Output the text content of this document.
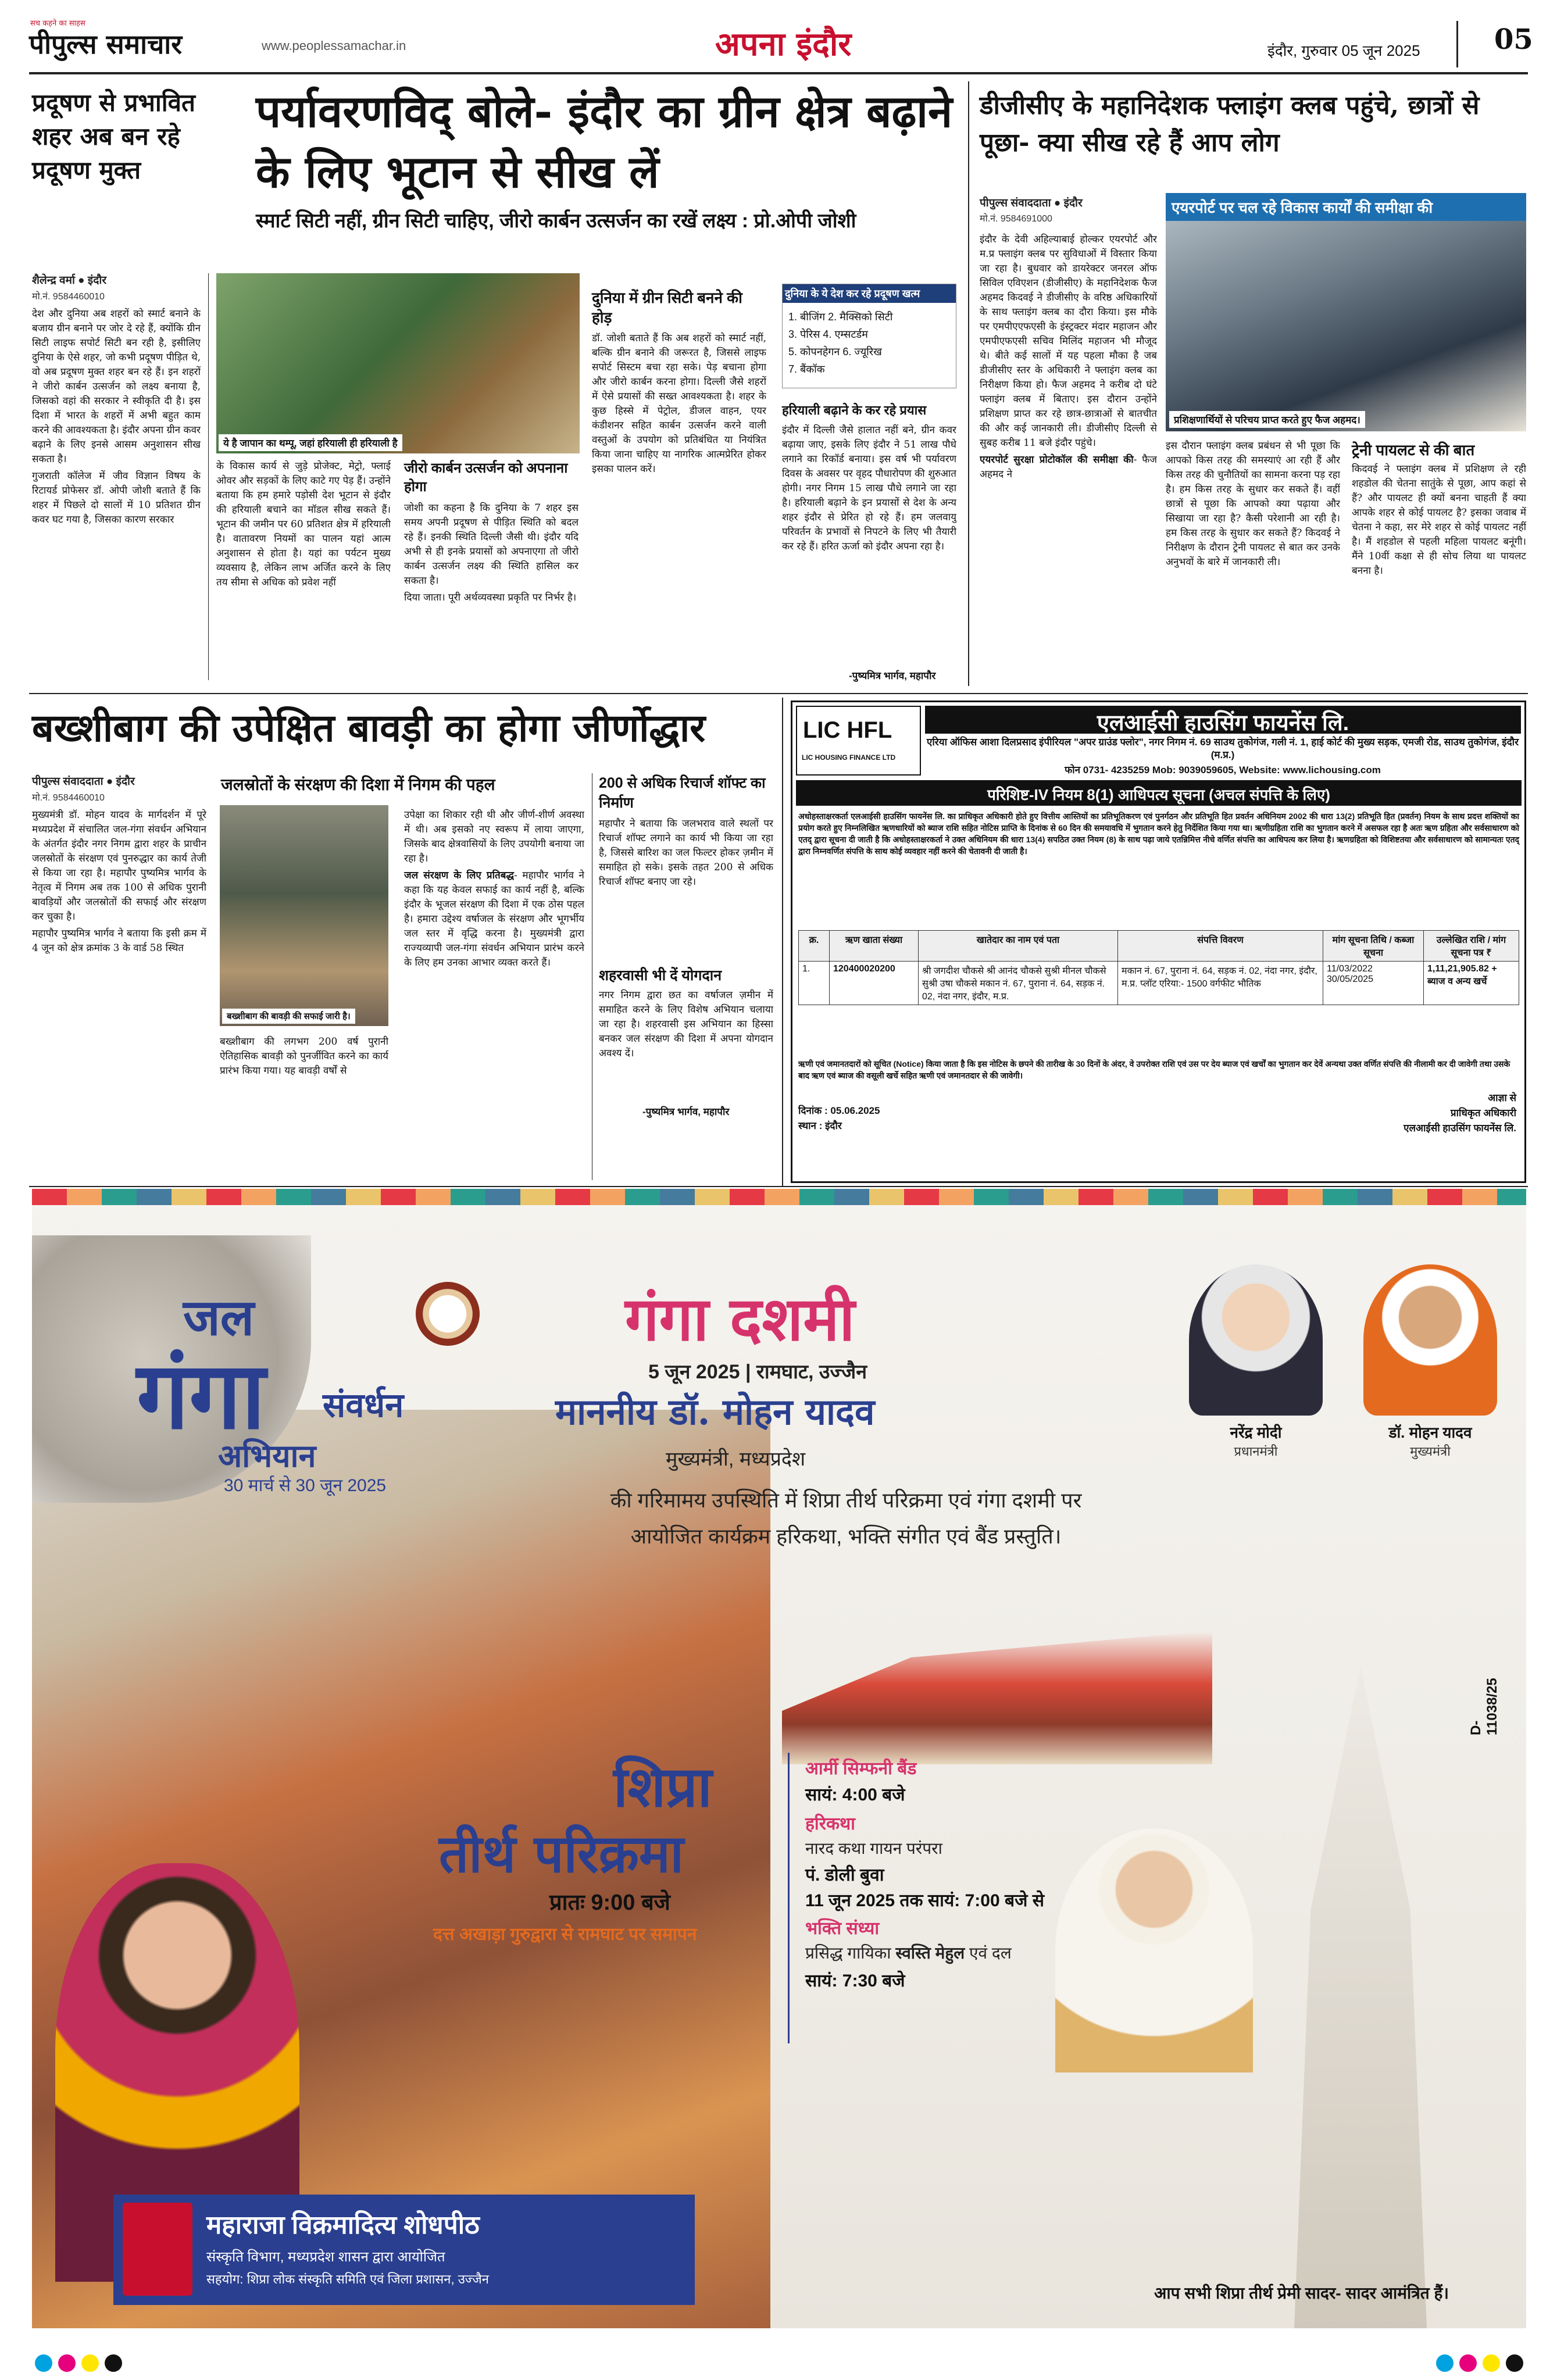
पीपुल्स समाचार
सच कहने का साहस
www.peoplessamachar.in	अपना इंदौर	इंदौर, गुरुवार 05 जून 2025	05
प्रदूषण से प्रभावित शहर अब बन रहे प्रदूषण मुक्त
पर्यावरणविद् बोले- इंदौर का ग्रीन क्षेत्र बढ़ाने के लिए भूटान से सीख लें
स्मार्ट सिटी नहीं, ग्रीन सिटी चाहिए, जीरो कार्बन उत्सर्जन का रखें लक्ष्य : प्रो.ओपी जोशी
शैलेन्द्र वर्मा ● इंदौर
मो.नं. 9584460010

देश और दुनिया अब शहरों को स्मार्ट बनाने के बजाय ग्रीन बनाने पर जोर दे रहे हैं, क्योंकि ग्रीन सिटी लाइफ सपोर्ट सिटी बन रही है, इसीलिए दुनिया के ऐसे शहर, जो कभी प्रदूषण पीड़ित थे, वो अब प्रदूषण मुक्त शहर बन रहे हैं। इन शहरों ने जीरो कार्बन उत्सर्जन को लक्ष्य बनाया है, जिसको वहां की सरकार ने स्वीकृति दी है। इस दिशा में भारत के शहरों में अभी बहुत काम करने की आवश्यकता है। इंदौर अपना ग्रीन कवर बढ़ाने के लिए इनसे आसम अनुशासन सीख सकता है।

गुजराती कॉलेज में जीव विज्ञान विषय के रिटायर्ड प्रोफेसर डॉ. ओपी जोशी बताते हैं कि शहर में पिछले दो सालों में 10 प्रतिशत ग्रीन कवर घट गया है, जिसका कारण सरकार

ये है जापान का थम्पू, जहां हरियाली ही हरियाली है

के विकास कार्य से जुड़े प्रोजेक्ट, मेट्रो, फ्लाई ओवर और सड़कों के लिए काटे गए पेड़ हैं। उन्होंने बताया कि हम हमारे पड़ोसी देश भूटान से इंदौर की हरियाली बचाने का मॉडल सीख सकते हैं। भूटान की जमीन पर 60 प्रतिशत क्षेत्र में हरियाली है। वातावरण नियमों का पालन यहां आत्म अनुशासन से होता है। यहां का पर्यटन मुख्य व्यवसाय है, लेकिन लाभ अर्जित करने के लिए तय सीमा से अधिक को प्रवेश नहीं

जीरो कार्बन उत्सर्जन को अपनाना होगा

जोशी का कहना है कि दुनिया के 7 शहर इस समय अपनी प्रदूषण से पीड़ित स्थिति को बदल रहे हैं। इनकी स्थिति दिल्ली जैसी थी। इंदौर यदि अभी से ही इनके प्रयासों को अपनाएगा तो जीरो कार्बन उत्सर्जन लक्ष्य की स्थिति हासिल कर सकता है।

दिया जाता। पूरी अर्थव्यवस्था प्रकृति पर निर्भर है।

दुनिया में ग्रीन सिटी बनने की होड़

डॉ. जोशी बताते हैं कि अब शहरों को स्मार्ट नहीं, बल्कि ग्रीन बनाने की जरूरत है, जिससे लाइफ सपोर्ट सिस्टम बचा रहा सके। पेड़ बचाना होगा और जीरो कार्बन करना होगा। दिल्ली जैसे शहरों में ऐसे प्रयासों की सख्त आवश्यकता है। शहर के कुछ हिस्से में पेट्रोल, डीजल वाहन, एयर कंडीशनर सहित कार्बन उत्सर्जन करने वाली वस्तुओं के उपयोग को प्रतिबंधित या नियंत्रित किया जाना चाहिए या नागरिक आत्मप्रेरित होकर इसका पालन करें।

दुनिया के ये देश कर रहे प्रदूषण खत्म
1. बीजिंग 2. मैक्सिको सिटी
3. पेरिस 4. एम्सटर्डम
5. कोपनहेगन 6. ज्यूरिख
7. बैंकॉक
हरियाली बढ़ाने के कर रहे प्रयास

इंदौर में दिल्ली जैसे हालात नहीं बने, ग्रीन कवर बढ़ाया जाए, इसके लिए इंदौर ने 51 लाख पौधे लगाने का रिकॉर्ड बनाया। इस वर्ष भी पर्यावरण दिवस के अवसर पर वृहद पौधारोपण की शुरुआत होगी। नगर निगम 15 लाख पौधे लगाने जा रहा है। हरियाली बढ़ाने के इन प्रयासों से देश के अन्य शहर इंदौर से प्रेरित हो रहे हैं। हम जलवायु परिवर्तन के प्रभावों से निपटने के लिए भी तैयारी कर रहे हैं। हरित ऊर्जा को इंदौर अपना रहा है।

-पुष्यमित्र भार्गव, महापौर
डीजीसीए के महानिदेशक फ्लाइंग क्लब पहुंचे, छात्रों से पूछा- क्या सीख रहे हैं आप लोग
पीपुल्स संवाददाता ● इंदौर
मो.नं. 9584691000
एयरपोर्ट पर चल रहे विकास कार्यों की समीक्षा की
प्रशिक्षणार्थियों से परिचय प्राप्त करते हुए फैज अहमद।

इंदौर के देवी अहिल्याबाई होल्कर एयरपोर्ट और म.प्र फ्लाइंग क्लब पर सुविधाओं में विस्तार किया जा रहा है। बुधवार को डायरेक्टर जनरल ऑफ सिविल एविएशन (डीजीसीए) के महानिदेशक फैज अहमद किदवई ने डीजीसीए के वरिष्ठ अधिकारियों के साथ फ्लाइंग क्लब का दौरा किया। इस मौके पर एमपीएएफएसी के इंस्ट्रक्टर मंदार महाजन और एमपीएफएसी सचिव मिलिंद महाजन भी मौजूद थे। बीते कई सालों में यह पहला मौका है जब डीजीसीए स्तर के अधिकारी ने फ्लाइंग क्लब का निरीक्षण किया हो। फैज अहमद ने करीब दो घंटे फ्लाइंग क्लब में बिताए। इस दौरान उन्होंने प्रशिक्षण प्राप्त कर रहे छात्र-छात्राओं से बातचीत की और कई जानकारी ली। डीजीसीए दिल्ली से सुबह करीब 11 बजे इंदौर पहुंचे।

एयरपोर्ट सुरक्षा प्रोटोकॉल की समीक्षा की- फैज अहमद ने

इस दौरान फ्लाइंग क्लब प्रबंधन से भी पूछा कि आपको किस तरह की समस्याएं आ रही हैं और किस तरह की चुनौतियों का सामना करना पड़ रहा है। हम किस तरह के सुधार कर सकते हैं। वहीं छात्रों से पूछा कि आपको क्या पढ़ाया और सिखाया जा रहा है? कैसी परेशानी आ रही है। हम किस तरह के सुधार कर सकते हैं? किदवई ने निरीक्षण के दौरान ट्रेनी पायलट से बात कर उनके अनुभवों के बारे में जानकारी ली।

ट्रेनी पायलट से की बात

किदवई ने फ्लाइंग क्लब में प्रशिक्षण ले रही शहडोल की चेतना सातुंके से पूछा, आप कहां से हैं? और पायलट ही क्यों बनना चाहती हैं क्या आपके शहर से कोई पायलट है? इसका जवाब में चेतना ने कहा, सर मेरे शहर से कोई पायलट नहीं है। मैं शहडोल से पहली महिला पायलट बनूंगी। मैंने 10वीं कक्षा से ही सोच लिया था पायलट बनना है।

बख्शीबाग की उपेक्षित बावड़ी का होगा जीर्णोद्धार
पीपुल्स संवाददाता ● इंदौर
मो.नं. 9584460010
जलस्रोतों के संरक्षण की दिशा में निगम की पहल

मुख्यमंत्री डॉ. मोहन यादव के मार्गदर्शन में पूरे मध्यप्रदेश में संचालित जल-गंगा संवर्धन अभियान के अंतर्गत इंदौर नगर निगम द्वारा शहर के प्राचीन जलस्रोतों के संरक्षण एवं पुनरुद्धार का कार्य तेजी से किया जा रहा है। महापौर पुष्यमित्र भार्गव के नेतृत्व में निगम अब तक 100 से अधिक पुरानी बावड़ियों और जलस्रोतों की सफाई और संरक्षण कर चुका है।

महापौर पुष्यमित्र भार्गव ने बताया कि इसी क्रम में 4 जून को क्षेत्र क्रमांक 3 के वार्ड 58 स्थित

बख्शीबाग की बावड़ी की सफाई जारी है।

बख्शीबाग की लगभग 200 वर्ष पुरानी ऐतिहासिक बावड़ी को पुनर्जीवित करने का कार्य प्रारंभ किया गया। यह बावड़ी वर्षों से

उपेक्षा का शिकार रही थी और जीर्ण-शीर्ण अवस्था में थी। अब इसको नए स्वरूप में लाया जाएगा, जिसके बाद क्षेत्रवासियों के लिए उपयोगी बनाया जा रहा है।

जल संरक्षण के लिए प्रतिबद्ध- महापौर भार्गव ने कहा कि यह केवल सफाई का कार्य नहीं है, बल्कि इंदौर के भूजल संरक्षण की दिशा में एक ठोस पहल है। हमारा उद्देश्य वर्षाजल के संरक्षण और भूगर्भीय जल स्तर में वृद्धि करना है। मुख्यमंत्री द्वारा राज्यव्यापी जल-गंगा संवर्धन अभियान प्रारंभ करने के लिए हम उनका आभार व्यक्त करते हैं।

200 से अधिक रिचार्ज शॉफ्ट का निर्माण

महापौर ने बताया कि जलभराव वाले स्थलों पर रिचार्ज शॉफ्ट लगाने का कार्य भी किया जा रहा है, जिससे बारिश का जल फिल्टर होकर ज़मीन में समाहित हो सके। इसके तहत 200 से अधिक रिचार्ज शॉफ्ट बनाए जा रहे।

शहरवासी भी दें योगदान

नगर निगम द्वारा छत का वर्षाजल ज़मीन में समाहित करने के लिए विशेष अभियान चलाया जा रहा है। शहरवासी इस अभियान का हिस्सा बनकर जल संरक्षण की दिशा में अपना योगदान अवश्य दें।

-पुष्यमित्र भार्गव, महापौर
LIC HFL
LIC HOUSING FINANCE LTD
एलआईसी हाउसिंग फायनेंस लि.
एरिया ऑफिस आशा दिलप्रसाद इंपीरियल "अपर ग्राउंड फ्लोर", नगर निगम नं. 69 साउथ तुकोगंज, गली नं. 1, हाई कोर्ट की मुख्य सड़क, एमजी रोड, साउथ तुकोगंज, इंदौर (म.प्र.)
फोन 0731- 4235259 Mob: 9039059605, Website: www.lichousing.com
परिशिष्ट-IV नियम 8(1) आधिपत्य सूचना (अचल संपत्ति के लिए)
अधोहस्ताक्षरकर्ता एलआईसी हाउसिंग फायनेंस लि. का प्राधिकृत अधिकारी होते हुए वित्तीय आस्तियों का प्रतिभूतिकरण एवं पुनर्गठन और प्रतिभूति हित प्रवर्तन अधिनियम 2002 की धारा 13(2) प्रतिभूति हित (प्रवर्तन) नियम के साथ प्रदत्त शक्तियों का प्रयोग करते हुए निम्नलिखित ऋणधारियों को ब्याज राशि सहित नोटिस प्राप्ति के दिनांक से 60 दिन की समयावधि में भुगतान करने हेतु निर्देशित किया गया था। ऋणीग्रहिता राशि का भुगतान करने में असफल रहा है अतः ऋण ग्रहिता और सर्वसाधारण को एतद् द्वारा सूचना दी जाती है कि अधोहस्ताक्षरकर्ता ने उक्त अधिनियम की धारा 13(4) सपठित उक्त नियम (8) के साथ पढ़ा जाये एतन्निमित्त नीचे वर्णित संपत्ति का आधिपत्य कर लिया है। ऋणग्रहिता को विशिष्टतया और सर्वसाधारण को सामान्यतः एतद् द्वारा निम्नवर्णित संपत्ति के साथ कोई व्यवहार नहीं करने की चेतावनी दी जाती है।
क्र.	ऋण खाता संख्या	खातेदार का नाम एवं पता	संपत्ति विवरण	मांग सूचना तिथि / कब्जा सूचना	उल्लेखित राशि / मांग सूचना पत्र ₹
1.	120400020200	श्री जगदीश चौकसे श्री आनंद चौकसे सुश्री मीनल चौकसे सुश्री उषा चौकसे मकान नं. 67, पुराना नं. 64, सड़क नं. 02, नंदा नगर, इंदौर, म.प्र.	मकान नं. 67, पुराना नं. 64, सड़क नं. 02, नंदा नगर, इंदौर, म.प्र. प्लॉट एरिया:- 1500 वर्गफीट भौतिक	11/03/2022 30/05/2025	1,11,21,905.82 + ब्याज व अन्य खर्चे
ऋणी एवं जमानतदारों को सूचित (Notice) किया जाता है कि इस नोटिस के छपने की तारीख के 30 दिनों के अंदर, वे उपरोक्त राशि एवं उस पर देय ब्याज एवं खर्चों का भुगतान कर देवें अन्यथा उक्त वर्णित संपत्ति की नीलामी कर दी जावेगी तथा उसके बाद ऋण एवं ब्याज की वसूली खर्चे सहित ऋणी एवं जमानतदार से की जावेगी।
दिनांक : 05.06.2025
स्थान : इंदौर
आज्ञा से
प्राधिकृत अधिकारी
एलआईसी हाउसिंग फायनेंस लि.
जल
गंगा संवर्धन
अभियान
30 मार्च से 30 जून 2025
गंगा दशमी
5 जून 2025 | रामघाट, उज्जैन
माननीय डॉ. मोहन यादव
मुख्यमंत्री, मध्यप्रदेश
की गरिमामय उपस्थिति में शिप्रा तीर्थ परिक्रमा एवं गंगा दशमी पर
आयोजित कार्यक्रम हरिकथा, भक्ति संगीत एवं बैंड प्रस्तुति।
नरेंद्र मोदी
प्रधानमंत्री
डॉ. मोहन यादव
मुख्यमंत्री
शिप्रा
तीर्थ परिक्रमा
प्रातः 9:00 बजे
दत्त अखाड़ा गुरुद्वारा से रामघाट पर समापन
आर्मी सिम्फनी बैंड
सायं: 4:00 बजे
हरिकथा
नारद कथा गायन परंपरा
पं. डोली बुवा
11 जून 2025 तक सायं: 7:00 बजे से
भक्ति संध्या
प्रसिद्ध गायिका स्वस्ति मेहुल एवं दल
सायं: 7:30 बजे
महाराजा विक्रमादित्य शोधपीठ
संस्कृति विभाग, मध्यप्रदेश शासन द्वारा आयोजित
सहयोग: शिप्रा लोक संस्कृति समिति एवं जिला प्रशासन, उज्जैन
आप सभी शिप्रा तीर्थ प्रेमी सादर- सादर आमंत्रित हैं।
D-11038/25
